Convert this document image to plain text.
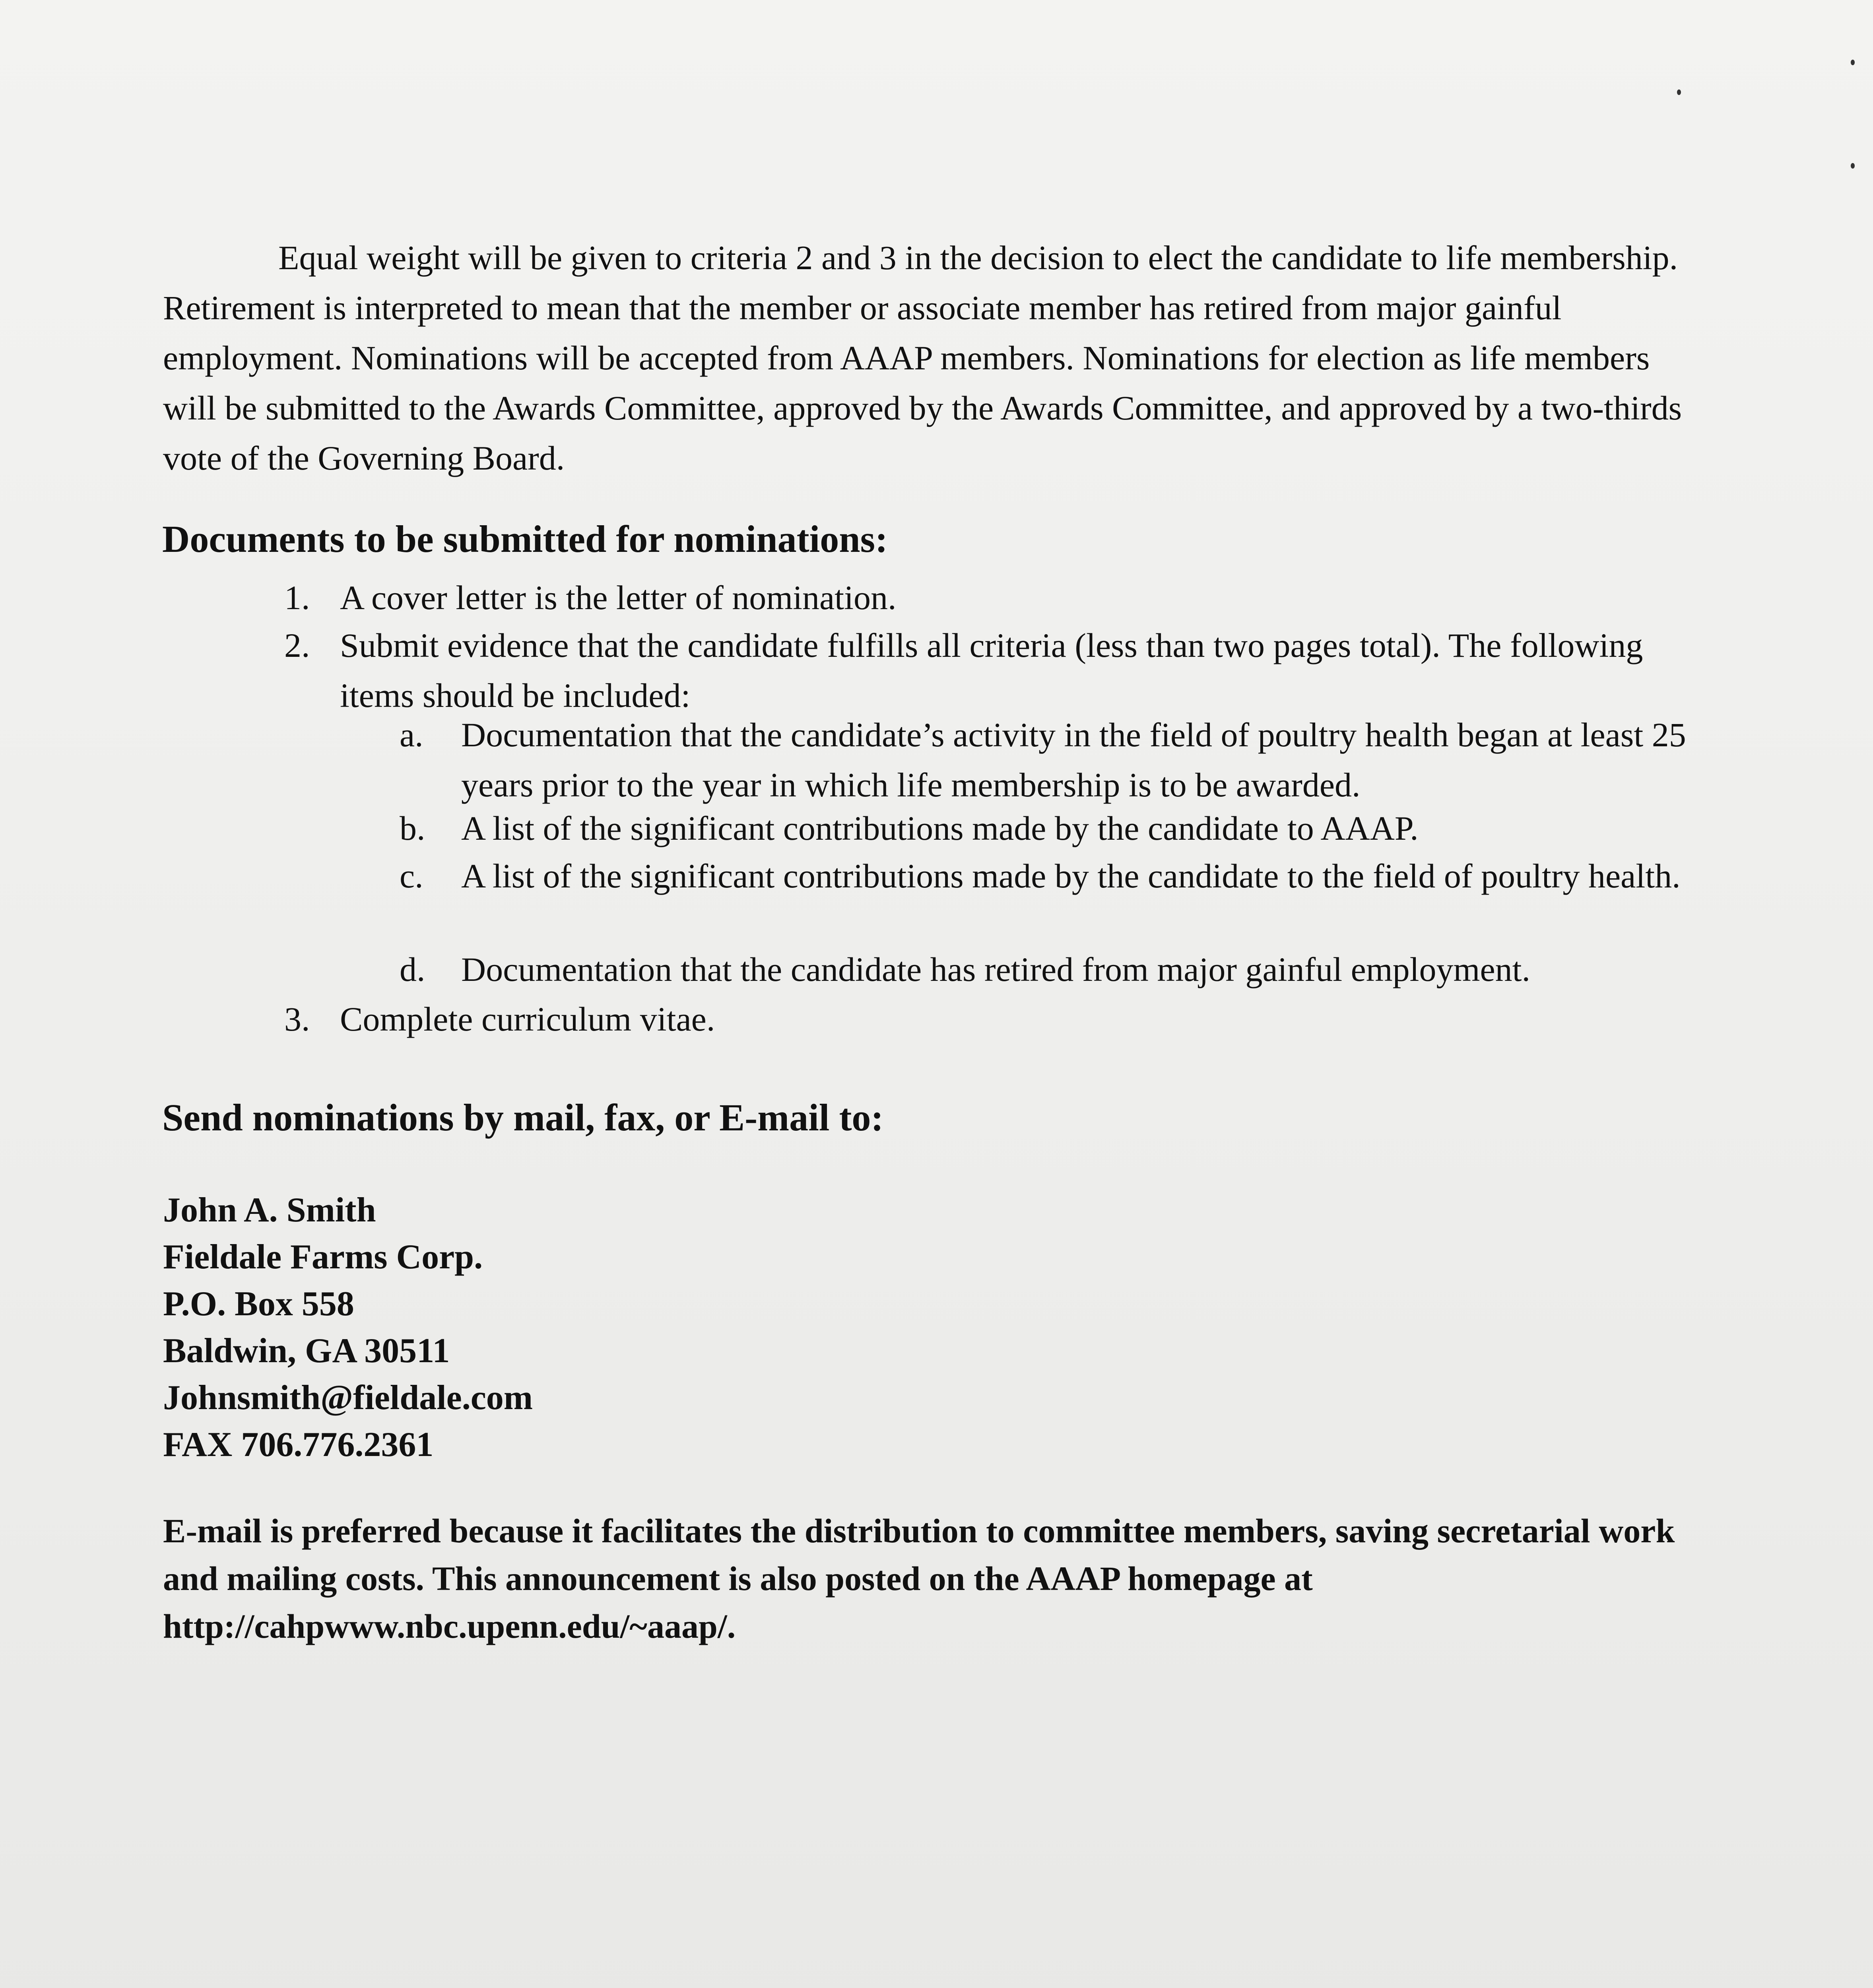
Equal weight will be given to criteria 2 and 3 in the decision to elect the candidate to life membership. Retirement is interpreted to mean that the member or associate member has retired from major gainful employment. Nominations will be accepted from AAAP members. Nominations for election as life members will be submitted to the Awards Committee, approved by the Awards Committee, and approved by a two-thirds vote of the Governing Board.

Documents to be submitted for nominations:
1. A cover letter is the letter of nomination.
2. Submit evidence that the candidate fulfills all criteria (less than two pages total). The following items should be included:
a. Documentation that the candidate’s activity in the field of poultry health began at least 25 years prior to the year in which life membership is to be awarded.
b. A list of the significant contributions made by the candidate to AAAP.
c. A list of the significant contributions made by the candidate to the field of poultry health.
d. Documentation that the candidate has retired from major gainful employment.
3. Complete curriculum vitae.
Send nominations by mail, fax, or E-mail to:
John A. Smith
Fieldale Farms Corp.
P.O. Box 558
Baldwin, GA 30511
Johnsmith@fieldale.com
FAX 706.776.2361

E-mail is preferred because it facilitates the distribution to committee members, saving secretarial work and mailing costs. This announcement is also posted on the AAAP homepage at http://cahpwww.nbc.upenn.edu/~aaap/.
